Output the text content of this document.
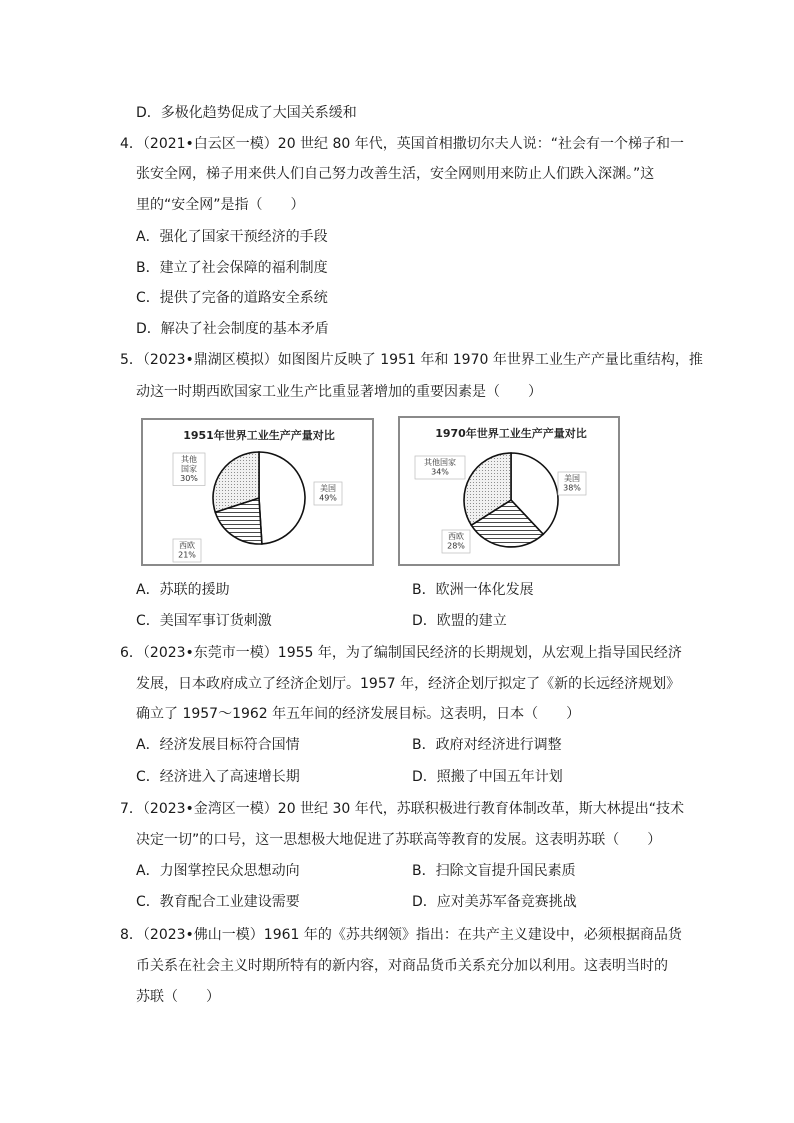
D．多极化趋势促成了大国关系缓和
4．（2021•白云区一模）20 世纪 80 年代，英国首相撒切尔夫人说：“社会有一个梯子和一
张安全网，梯子用来供人们自己努力改善生活，安全网则用来防止人们跌入深渊。”这
里的“安全网”是指（　　）
A．强化了国家干预经济的手段
B．建立了社会保障的福利制度
C．提供了完备的道路安全系统
D．解决了社会制度的基本矛盾
5．（2023•鼎湖区模拟）如图图片反映了 1951 年和 1970 年世界工业生产产量比重结构，推
动这一时期西欧国家工业生产比重显著增加的重要因素是（　　）
1951年世界工业生产产量对比
美国
49%
西欧
21%
其他
国家
30%
1970年世界工业生产产量对比
美国
38%
西欧
28%
其他国家
34%
A．苏联的援助	B．欧洲一体化发展
C．美国军事订货刺激	D．欧盟的建立
6．（2023•东莞市一模）1955 年，为了编制国民经济的长期规划，从宏观上指导国民经济
发展，日本政府成立了经济企划厅。1957 年，经济企划厅拟定了《新的长远经济规划》
确立了 1957～1962 年五年间的经济发展目标。这表明，日本（　　）
A．经济发展目标符合国情	B．政府对经济进行调整
C．经济进入了高速增长期	D．照搬了中国五年计划
7．（2023•金湾区一模）20 世纪 30 年代，苏联积极进行教育体制改革，斯大林提出“技术
决定一切”的口号，这一思想极大地促进了苏联高等教育的发展。这表明苏联（　　）
A．力图掌控民众思想动向	B．扫除文盲提升国民素质
C．教育配合工业建设需要	D．应对美苏军备竞赛挑战
8．（2023•佛山一模）1961 年的《苏共纲领》指出：在共产主义建设中，必须根据商品货
币关系在社会主义时期所特有的新内容，对商品货币关系充分加以利用。这表明当时的
苏联（　　）
